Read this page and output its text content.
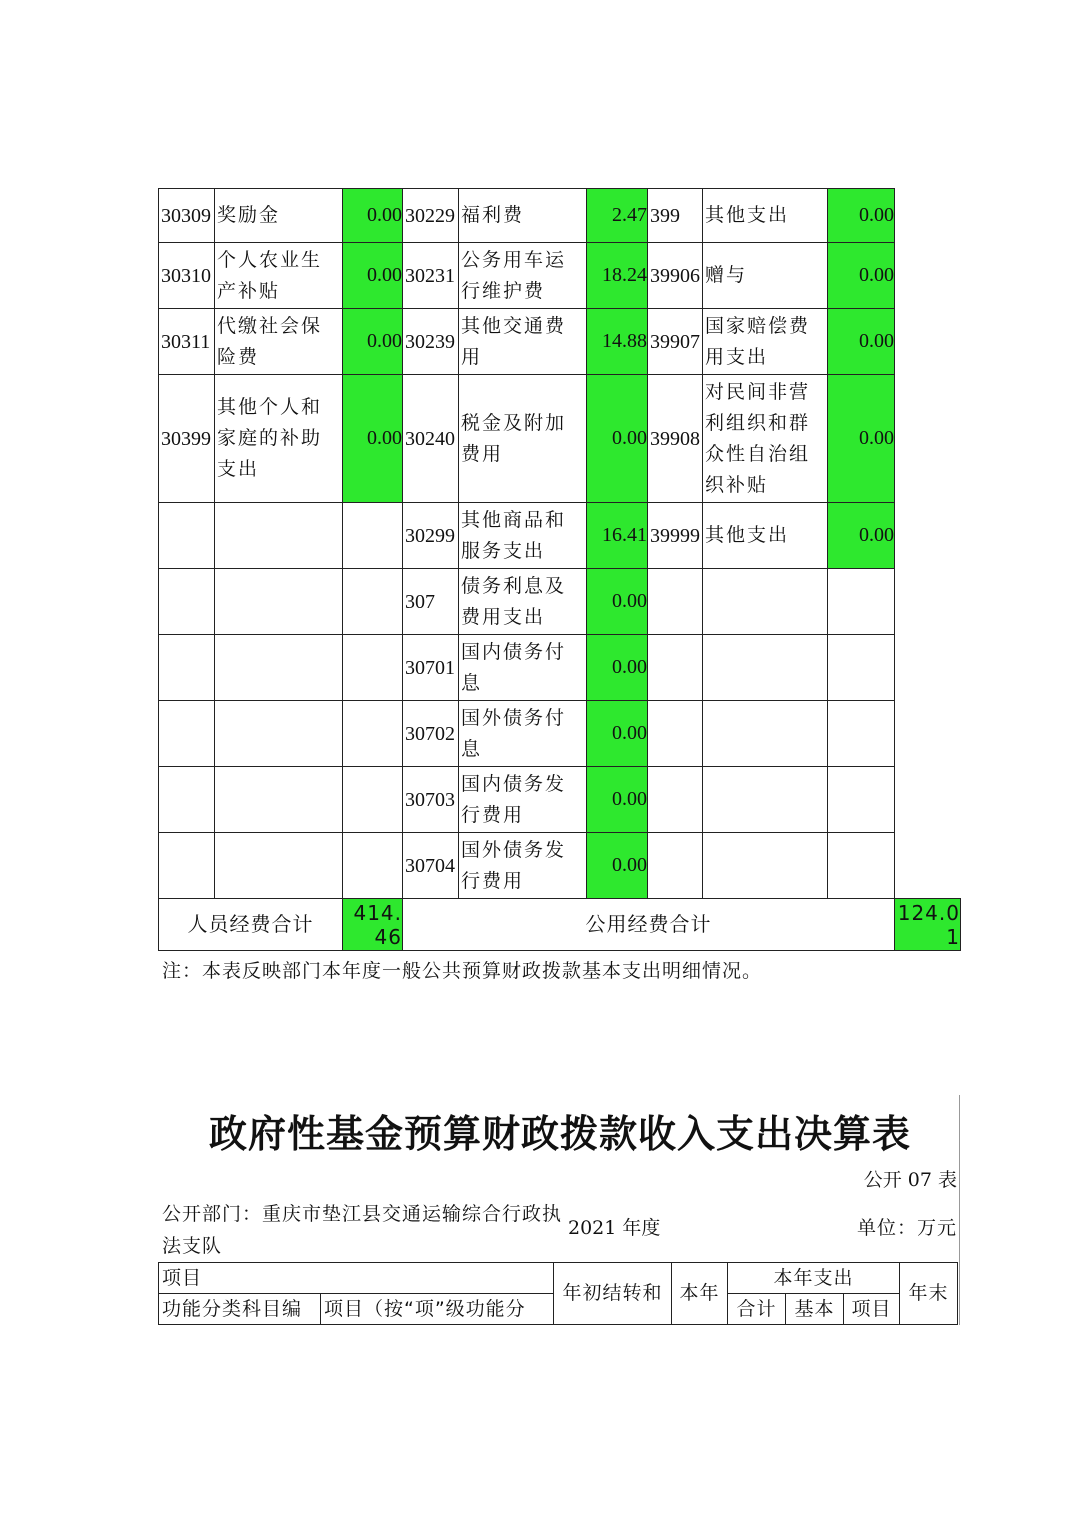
30309	奖励金	0.00	30229	福利费	2.47	399	其他支出	0.00	
30310	个人农业生产补贴	0.00	30231	公务用车运行维护费	18.24	39906	赠与	0.00	
30311	代缴社会保险费	0.00	30239	其他交通费用	14.88	39907	国家赔偿费用支出	0.00	
30399	其他个人和家庭的补助支出	0.00	30240	税金及附加费用	0.00	39908	对民间非营利组织和群众性自治组织补贴	0.00	
			30299	其他商品和服务支出	16.41	39999	其他支出	0.00	
			307	债务利息及费用支出	0.00				
			30701	国内债务付息	0.00				
			30702	国外债务付息	0.00				
			30703	国内债务发行费用	0.00				
			30704	国外债务发行费用	0.00				
人员经费合计		414.46	公用经费合计						124.01
注：本表反映部门本年度一般公共预算财政拨款基本支出明细情况。
政府性基金预算财政拨款收入支出决算表
公开 07 表
公开部门：重庆市垫江县交通运输综合行政执法支队
2021 年度	单位：万元
项目		年初结转和	本年	本年支出			年末
功能分类科目编	项目（按“项”级功能分			合计	基本	项目	
